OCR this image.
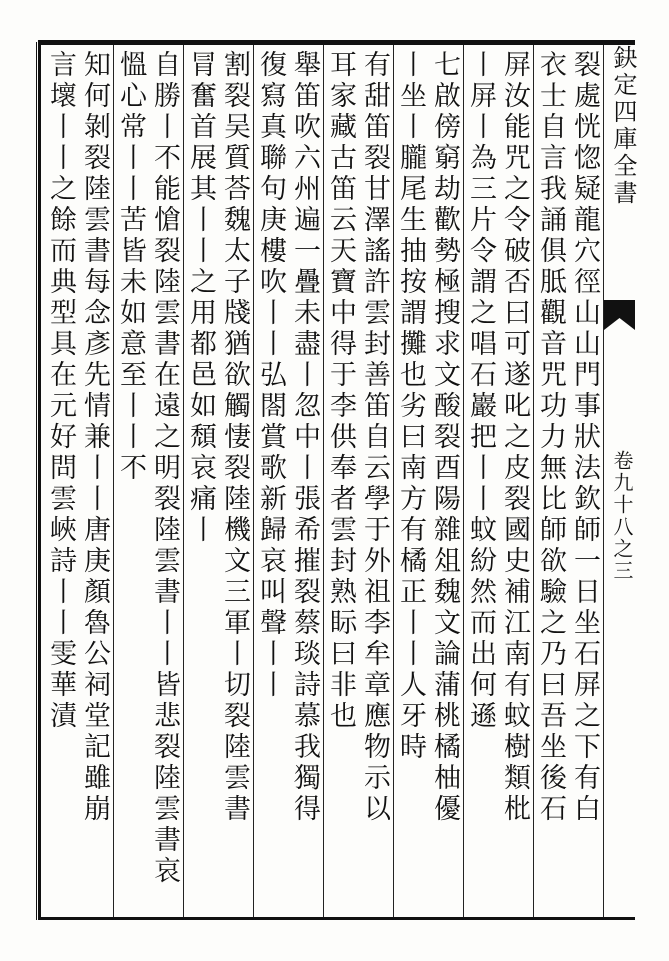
鈌定四庫全書
卷九十八之三
裂處恍惚疑龍穴徑山山門事狀法欽師一日坐石屏之下有白
衣士自言我誦俱胝觀音咒功力無比師欲驗之乃曰吾坐後石
屏汝能咒之令破否曰可遂叱之皮裂國史補江南有蚊樹類枇
丨屏丨為三片令謂之唱石巖把丨丨蚊紛然而出何遜
七啟傍窮劫歡勢極搜求文酸裂酉陽雜俎魏文論蒲桃橘柚優
丨坐丨朧尾生抽按謂攤也劣曰南方有橘正丨丨人牙時
有甜笛裂甘澤謠許雲封善笛自云學于外祖李牟章應物示以
耳家藏古笛云天寶中得于李供奉者雲封熟眎曰非也
舉笛吹六州遍一疊未盡丨忽中丨張希摧裂蔡琰詩慕我獨得
復寫真聯句庚樓吹丨丨弘閤賞歌新歸哀叫聲丨丨
割裂吴質荅魏太子牋猶欲觸悽裂陸機文三軍丨切裂陸雲書
冐奮首展其丨丨之用都邑如頹哀痛丨
自勝丨不能愴裂陸雲書在遠之明裂陸雲書丨丨皆悲裂陸雲書哀
慍心常丨丨苦皆未如意至丨丨不
知何剝裂陸雲書每念彥先情兼丨丨唐庚顏魯公祠堂記雖崩
言壞丨丨之餘而典型具在元好問雲峽詩丨丨雯華漬
